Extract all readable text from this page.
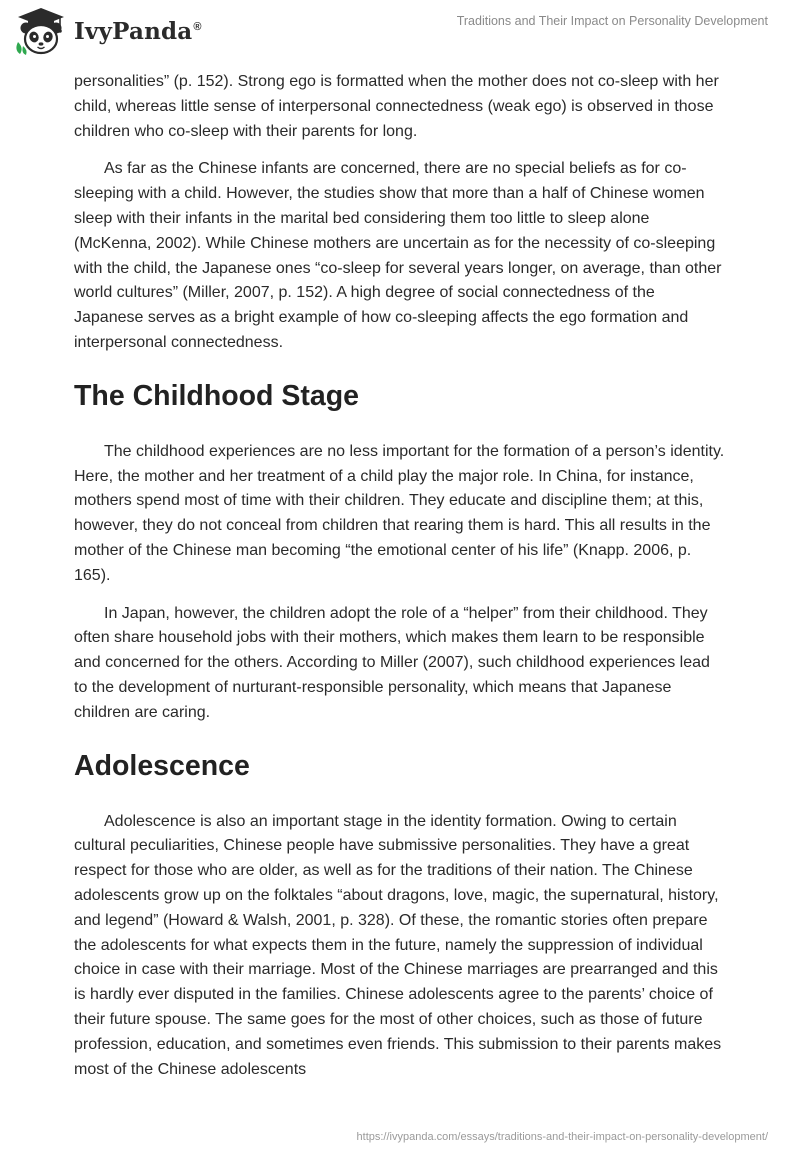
IvyPanda®	Traditions and Their Impact on Personality Development

personalities” (p. 152). Strong ego is formatted when the mother does not co-sleep with her child, whereas little sense of interpersonal connectedness (weak ego) is observed in those children who co-sleep with their parents for long.

As far as the Chinese infants are concerned, there are no special beliefs as for co-sleeping with a child. However, the studies show that more than a half of Chinese women sleep with their infants in the marital bed considering them too little to sleep alone (McKenna, 2002). While Chinese mothers are uncertain as for the necessity of co-sleeping with the child, the Japanese ones “co-sleep for several years longer, on average, than other world cultures” (Miller, 2007, p. 152). A high degree of social connectedness of the Japanese serves as a bright example of how co-sleeping affects the ego formation and interpersonal connectedness.

The Childhood Stage

The childhood experiences are no less important for the formation of a person’s identity. Here, the mother and her treatment of a child play the major role. In China, for instance, mothers spend most of time with their children. They educate and discipline them; at this, however, they do not conceal from children that rearing them is hard. This all results in the mother of the Chinese man becoming “the emotional center of his life” (Knapp. 2006, p. 165).

In Japan, however, the children adopt the role of a “helper” from their childhood. They often share household jobs with their mothers, which makes them learn to be responsible and concerned for the others. According to Miller (2007), such childhood experiences lead to the development of nurturant-responsible personality, which means that Japanese children are caring.

Adolescence

Adolescence is also an important stage in the identity formation. Owing to certain cultural peculiarities, Chinese people have submissive personalities. They have a great respect for those who are older, as well as for the traditions of their nation. The Chinese adolescents grow up on the folktales “about dragons, love, magic, the supernatural, history, and legend” (Howard & Walsh, 2001, p. 328). Of these, the romantic stories often prepare the adolescents for what expects them in the future, namely the suppression of individual choice in case with their marriage. Most of the Chinese marriages are prearranged and this is hardly ever disputed in the families. Chinese adolescents agree to the parents’ choice of their future spouse. The same goes for the most of other choices, such as those of future profession, education, and sometimes even friends. This submission to their parents makes most of the Chinese adolescents

https://ivypanda.com/essays/traditions-and-their-impact-on-personality-development/
